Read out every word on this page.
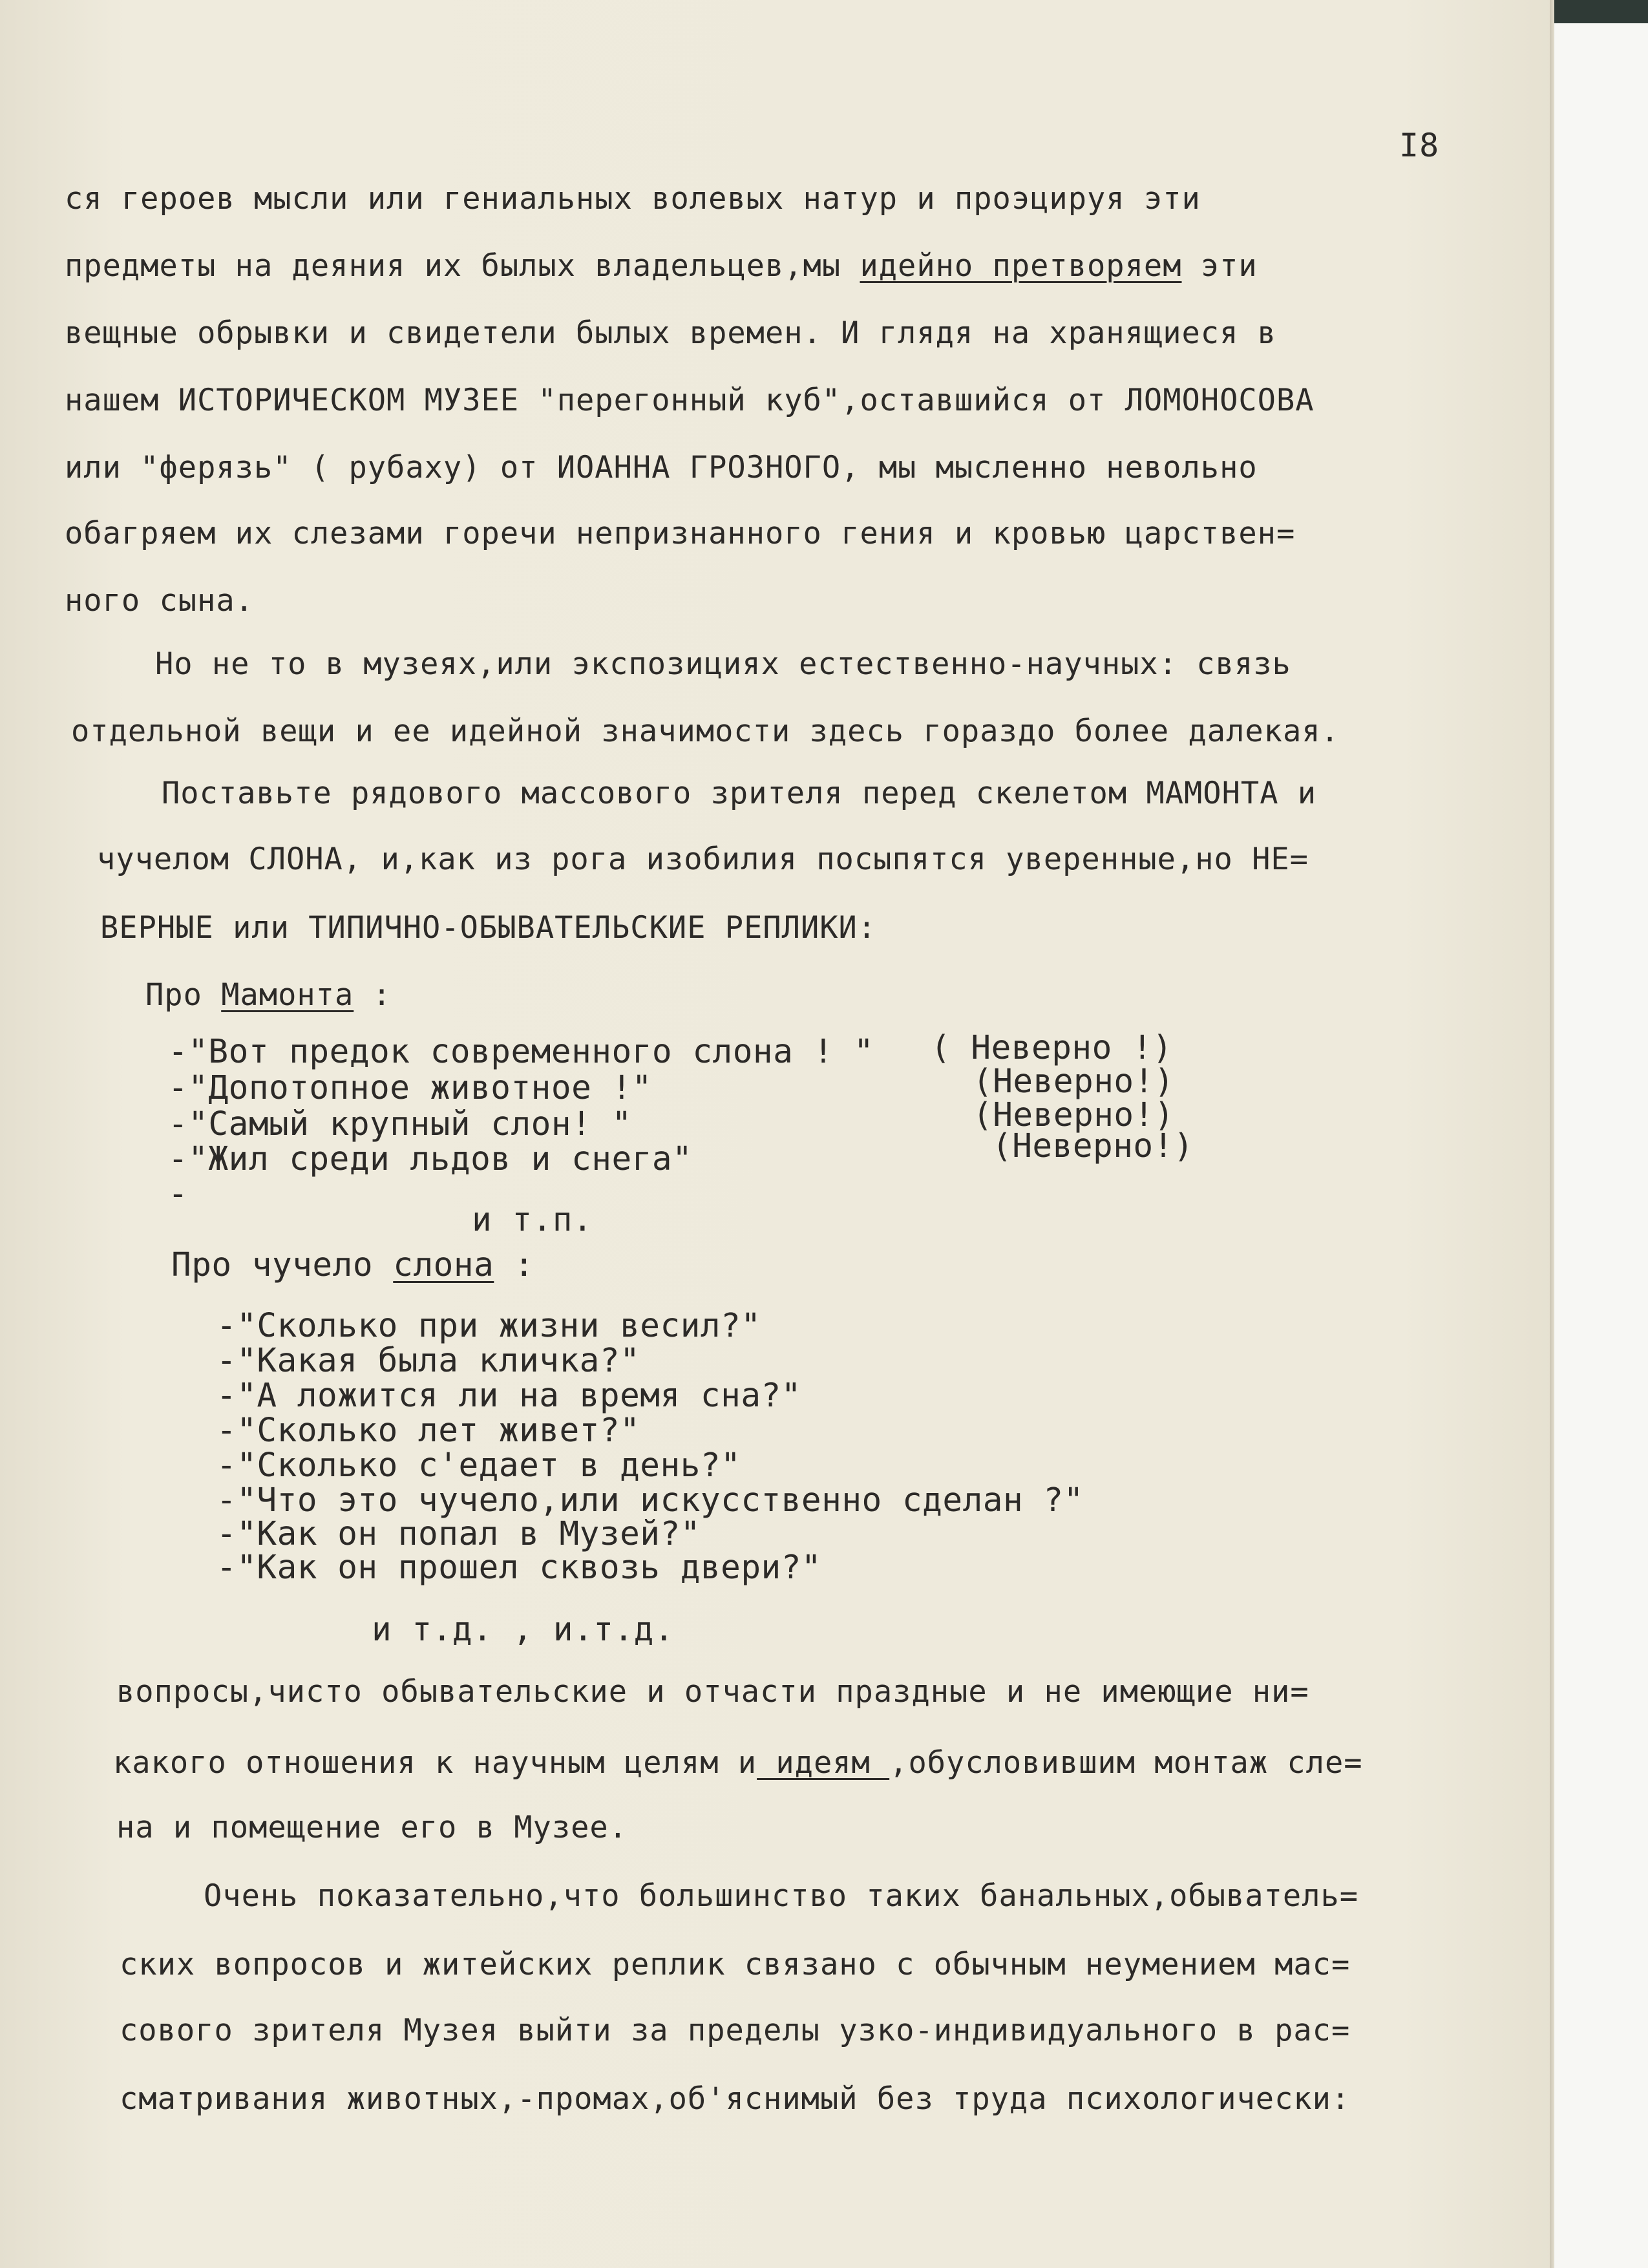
I8
ся героев мысли или гениальных волевых натур и проэцируя эти
предметы на деяния их былых владельцев,мы идейно претворяем эти
вещные обрывки и свидетели былых времен. И глядя на хранящиеся в
нашем ИСТОРИЧЕСКОМ МУЗЕЕ "перегонный куб",оставшийся от ЛОМОНОСОВА
или "ферязь" ( рубаху) от ИОАННА ГРОЗНОГО, мы мысленно невольно
обагряем их слезами горечи непризнанного гения и кровью царствен=
ного сына.
Но не то в музеях,или экспозициях естественно-научных: связь
отдельной вещи и ее идейной значимости здесь гораздо более далекая.
Поставьте рядового массового зрителя перед скелетом МАМОНТА и
чучелом СЛОНА, и,как из рога изобилия посыпятся уверенные,но НЕ=
ВЕРНЫЕ или ТИПИЧНО-ОБЫВАТЕЛЬСКИЕ РЕПЛИКИ:
Про Мамонта :
-"Вот предок современного слона ! " ( Неверно !)
-"Допотопное животное !"	(Неверно!)
-"Самый крупный слон! "	(Неверно!)
-"Жил среди льдов и снега"	(Неверно!)
-
и т.п.
Про чучело слона :
-"Сколько при жизни весил?"
-"Какая была кличка?"
-"А ложится ли на время сна?"
-"Сколько лет живет?"
-"Сколько с'едает в день?"
-"Что это чучело,или искусственно сделан ?"
-"Как он попал в Музей?"
-"Как он прошел сквозь двери?"
и т.д. , и.т.д.
вопросы,чисто обывательские и отчасти праздные и не имеющие ни=
какого отношения к научным целям и идеям ,обусловившим монтаж сле=
на и помещение его в Музее.
Очень показательно,что большинство таких банальных,обыватель=
ских вопросов и житейских реплик связано с обычным неумением мас=
сового зрителя Музея выйти за пределы узко-индивидуального в рас=
сматривания животных,-промах,об'яснимый без труда психологически:
